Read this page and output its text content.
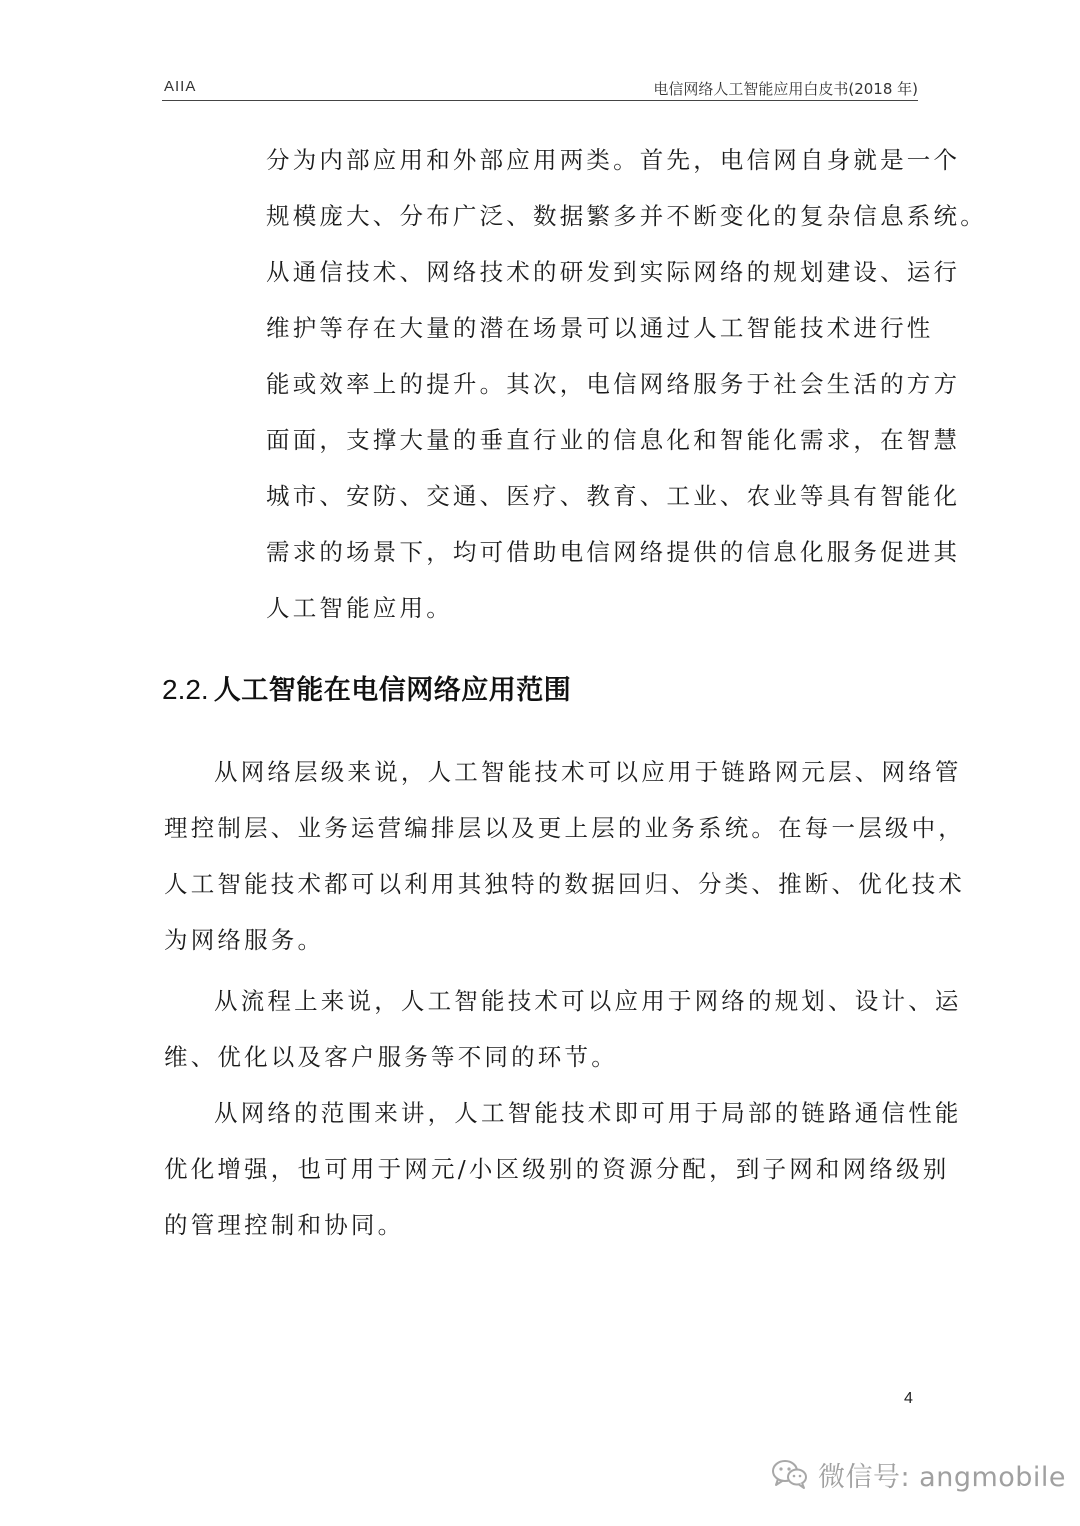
AIIA	电信网络人工智能应用白皮书(2018 年)
分为内部应用和外部应用两类。首先，电信网自身就是一个
规模庞大、分布广泛、数据繁多并不断变化的复杂信息系统。
从通信技术、网络技术的研发到实际网络的规划建设、运行
维护等存在大量的潜在场景可以通过人工智能技术进行性
能或效率上的提升。其次，电信网络服务于社会生活的方方
面面，支撑大量的垂直行业的信息化和智能化需求，在智慧
城市、安防、交通、医疗、教育、工业、农业等具有智能化
需求的场景下，均可借助电信网络提供的信息化服务促进其
人工智能应用。
2.2. 人工智能在电信网络应用范围
从网络层级来说，人工智能技术可以应用于链路网元层、网络管
理控制层、业务运营编排层以及更上层的业务系统。在每一层级中，
人工智能技术都可以利用其独特的数据回归、分类、推断、优化技术
为网络服务。
从流程上来说，人工智能技术可以应用于网络的规划、设计、运
维、优化以及客户服务等不同的环节。
从网络的范围来讲，人工智能技术即可用于局部的链路通信性能
优化增强，也可用于网元/小区级别的资源分配，到子网和网络级别
的管理控制和协同。
4
微信号: angmobile
